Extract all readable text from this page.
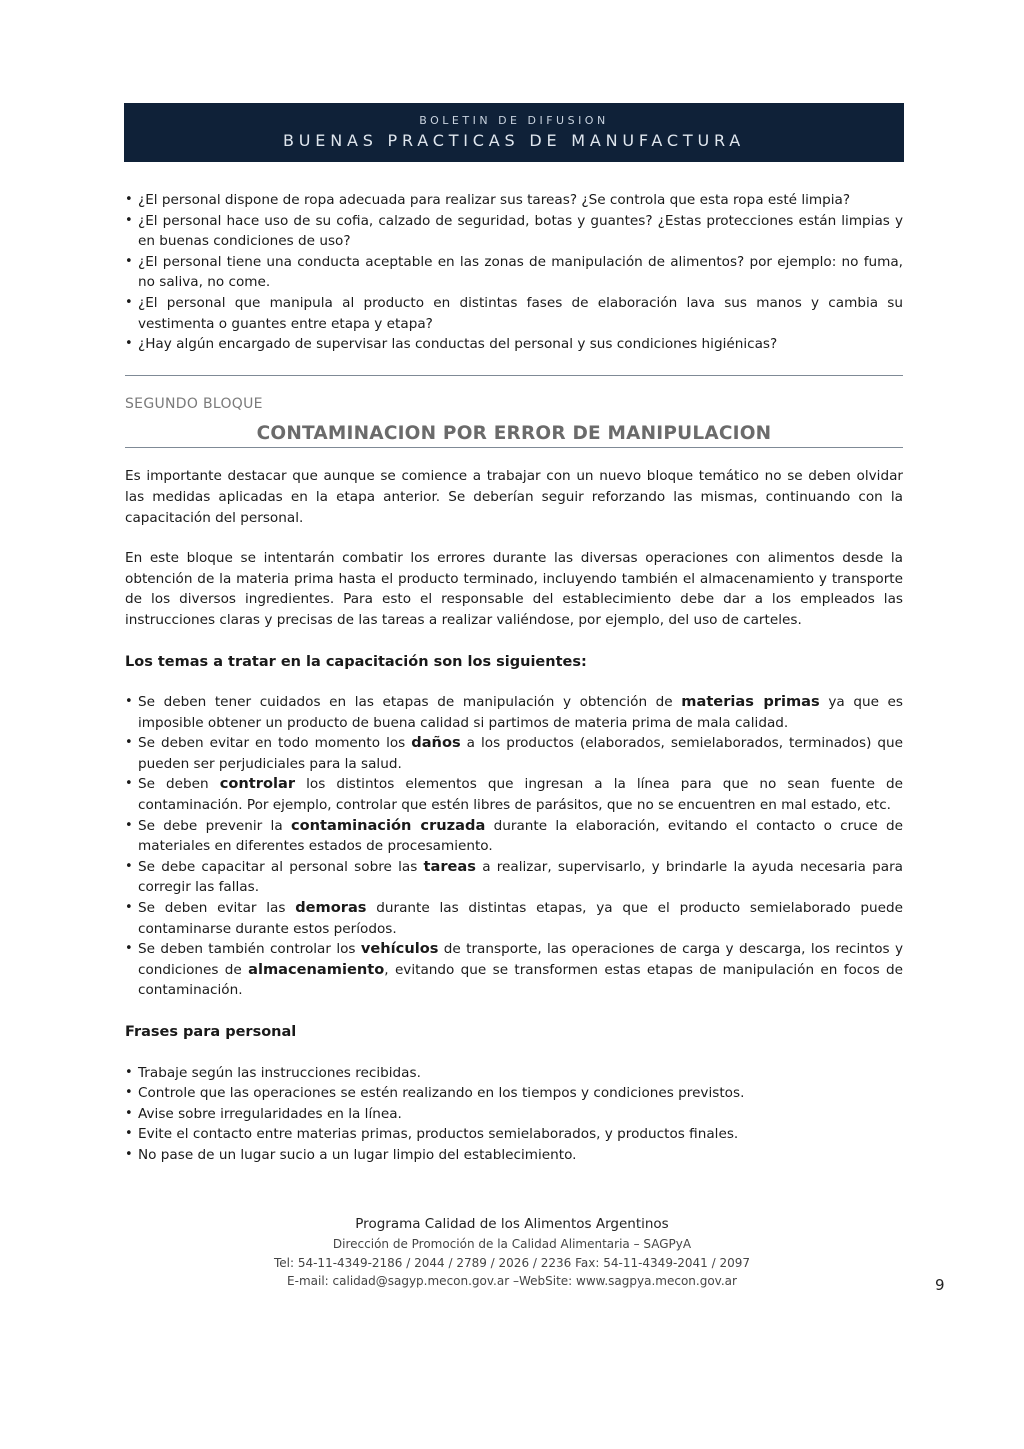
BOLETIN DE DIFUSION
BUENAS PRACTICAS DE MANUFACTURA
• ¿El personal dispone de ropa adecuada para realizar sus tareas? ¿Se controla que esta ropa esté limpia?
• ¿El personal hace uso de su cofia, calzado de seguridad, botas y guantes? ¿Estas protecciones están limpias y en buenas condiciones de uso?
• ¿El personal tiene una conducta aceptable en las zonas de manipulación de alimentos? por ejemplo: no fuma, no saliva, no come.
• ¿El personal que manipula al producto en distintas fases de elaboración lava sus manos y cambia su vestimenta o guantes entre etapa y etapa?
• ¿Hay algún encargado de supervisar las conductas del personal y sus condiciones higiénicas?
SEGUNDO BLOQUE
CONTAMINACION POR ERROR DE MANIPULACION

Es importante destacar que aunque se comience a trabajar con un nuevo bloque temático no se deben olvidar las medidas aplicadas en la etapa anterior. Se deberían seguir reforzando las mismas, continuando con la capacitación del personal.

En este bloque se intentarán combatir los errores durante las diversas operaciones con alimentos desde la obtención de la materia prima hasta el producto terminado, incluyendo también el almacenamiento y transporte de los diversos ingredientes. Para esto el responsable del establecimiento debe dar a los empleados las instrucciones claras y precisas de las tareas a realizar valiéndose, por ejemplo, del uso de carteles.

Los temas a tratar en la capacitación son los siguientes:
• Se deben tener cuidados en las etapas de manipulación y obtención de materias primas ya que es imposible obtener un producto de buena calidad si partimos de materia prima de mala calidad.
• Se deben evitar en todo momento los daños a los productos (elaborados, semielaborados, terminados) que pueden ser perjudiciales para la salud.
• Se deben controlar los distintos elementos que ingresan a la línea para que no sean fuente de contaminación. Por ejemplo, controlar que estén libres de parásitos, que no se encuentren en mal estado, etc.
• Se debe prevenir la contaminación cruzada durante la elaboración, evitando el contacto o cruce de materiales en diferentes estados de procesamiento.
• Se debe capacitar al personal sobre las tareas a realizar, supervisarlo, y brindarle la ayuda necesaria para corregir las fallas.
• Se deben evitar las demoras durante las distintas etapas, ya que el producto semielaborado puede contaminarse durante estos períodos.
• Se deben también controlar los vehículos de transporte, las operaciones de carga y descarga, los recintos y condiciones de almacenamiento, evitando que se transformen estas etapas de manipulación en focos de contaminación.
Frases para personal
• Trabaje según las instrucciones recibidas.
• Controle que las operaciones se estén realizando en los tiempos y condiciones previstos.
• Avise sobre irregularidades en la línea.
• Evite el contacto entre materias primas, productos semielaborados, y productos finales.
• No pase de un lugar sucio a un lugar limpio del establecimiento.
Programa Calidad de los Alimentos Argentinos
Dirección de Promoción de la Calidad Alimentaria – SAGPyA
Tel: 54-11-4349-2186 / 2044 / 2789 / 2026 / 2236 Fax: 54-11-4349-2041 / 2097
E-mail: calidad@sagyp.mecon.gov.ar –WebSite: www.sagpya.mecon.gov.ar	9
